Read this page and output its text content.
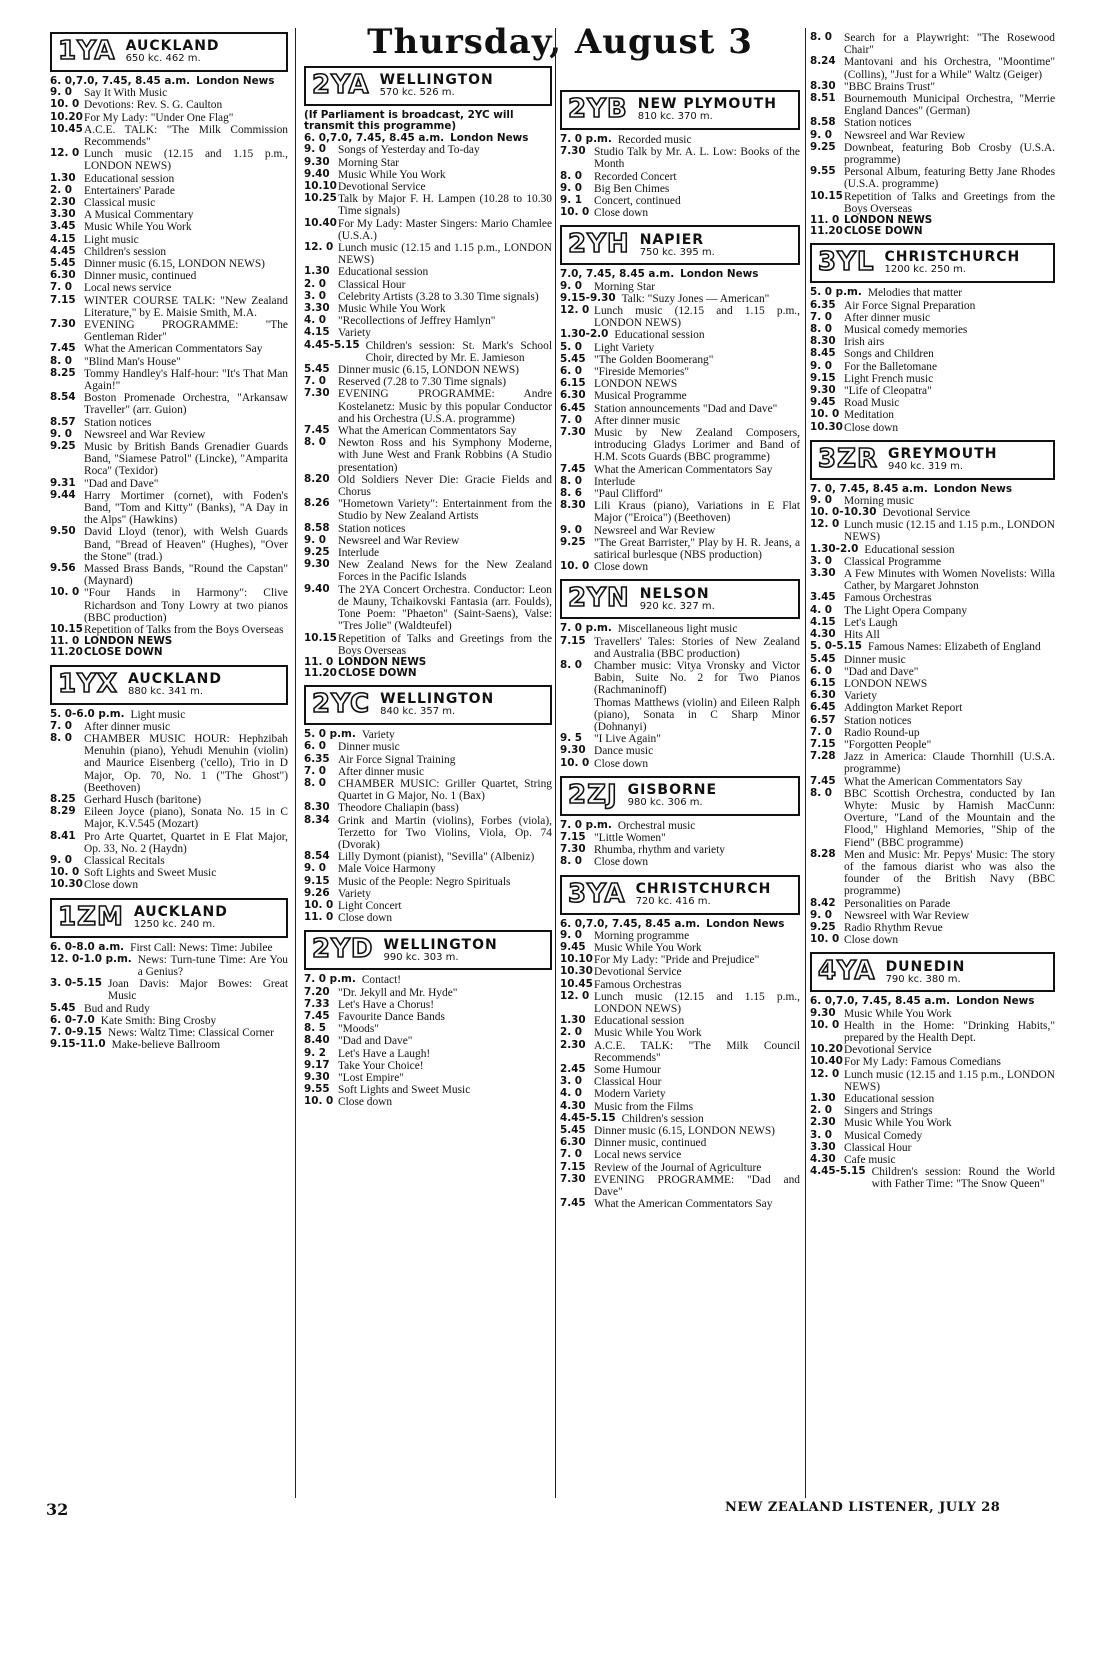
Thursday, August 3
1YA AUCKLAND
650 kc. 462 m.
6. 0,7.0, 7.45, 8.45 a.m. London News
9. 0	Say It With Music
10. 0 Devotions: Rev. S. G. Caulton
10.20 For My Lady: "Under One Flag"
10.45 A.C.E. TALK: "The Milk Commission Recommends"
12. 0 Lunch music (12.15 and 1.15 p.m., LONDON NEWS)
1.30 Educational session
2. 0	Entertainers' Parade
2.30 Classical music
3.30 A Musical Commentary
3.45 Music While You Work
4.15 Light music
4.45 Children's session
5.45 Dinner music (6.15, LONDON NEWS)
6.30 Dinner music, continued
7. 0	Local news service
7.15 WINTER COURSE TALK: "New Zealand Literature," by E. Maisie Smith, M.A.
7.30 EVENING PROGRAMME: "The Gentleman Rider"
7.45 What the American Commentators Say
8. 0	"Blind Man's House"
8.25 Tommy Handley's Half-hour: "It's That Man Again!"
8.54 Boston Promenade Orchestra, "Arkansaw Traveller" (arr. Guion)
8.57 Station notices
9. 0	Newsreel and War Review
9.25 Music by British Bands Grenadier Guards Band, "Siamese Patrol" (Lincke), "Amparita Roca" (Texidor)
9.31 "Dad and Dave"
9.44 Harry Mortimer (cornet), with Foden's Band, "Tom and Kitty" (Banks), "A Day in the Alps" (Hawkins)
9.50 David Lloyd (tenor), with Welsh Guards Band, "Bread of Heaven" (Hughes), "Over the Stone" (trad.)
9.56 Massed Brass Bands, "Round the Capstan" (Maynard)
10. 0 "Four Hands in Harmony": Clive Richardson and Tony Lowry at two pianos (BBC production)
10.15 Repetition of Talks from the Boys Overseas
11. 0 LONDON NEWS
11.20 CLOSE DOWN
1YX AUCKLAND
880 kc. 341 m.
5. 0-6.0 p.m. Light music
7. 0	After dinner music
8. 0	CHAMBER MUSIC HOUR: Hephzibah Menuhin (piano), Yehudi Menuhin (violin) and Maurice Eisenberg ('cello), Trio in D Major, Op. 70, No. 1 ("The Ghost") (Beethoven)
8.25 Gerhard Husch (baritone)
8.29 Eileen Joyce (piano), Sonata No. 15 in C Major, K.V.545 (Mozart)
8.41 Pro Arte Quartet, Quartet in E Flat Major, Op. 33, No. 2 (Haydn)
9. 0	Classical Recitals
10. 0 Soft Lights and Sweet Music
10.30 Close down
1ZM AUCKLAND
1250 kc. 240 m.
6. 0-8.0 a.m. First Call: News: Time: Jubilee
12. 0-1.0 p.m. News: Turn-tune Time: Are You a Genius?
3. 0-5.15 Joan Davis: Major Bowes: Great Music
5.45 Bud and Rudy
6. 0-7.0 Kate Smith: Bing Crosby
7. 0-9.15 News: Waltz Time: Classical Corner
9.15-11.0 Make-believe Ballroom
2YA WELLINGTON
570 kc. 526 m.
(If Parliament is broadcast, 2YC will transmit this programme)
6. 0,7.0, 7.45, 8.45 a.m. London News
9. 0	Songs of Yesterday and To-day
9.30 Morning Star
9.40 Music While You Work
10.10 Devotional Service
10.25 Talk by Major F. H. Lampen (10.28 to 10.30 Time signals)
10.40 For My Lady: Master Singers: Mario Chamlee (U.S.A.)
12. 0 Lunch music (12.15 and 1.15 p.m., LONDON NEWS)
1.30 Educational session
2. 0	Classical Hour
3. 0	Celebrity Artists (3.28 to 3.30 Time signals)
3.30 Music While You Work
4. 0	"Recollections of Jeffrey Hamlyn"
4.15 Variety
4.45-5.15 Children's session: St. Mark's School Choir, directed by Mr. E. Jamieson
5.45 Dinner music (6.15, LONDON NEWS)
7. 0	Reserved (7.28 to 7.30 Time signals)
7.30 EVENING PROGRAMME: Andre Kostelanetz: Music by this popular Conductor and his Orchestra (U.S.A. programme)
7.45 What the American Commentators Say
8. 0	Newton Ross and his Symphony Moderne, with June West and Frank Robbins (A Studio presentation)
8.20 Old Soldiers Never Die: Gracie Fields and Chorus
8.26 "Hometown Variety": Entertainment from the Studio by New Zealand Artists
8.58 Station notices
9. 0	Newsreel and War Review
9.25 Interlude
9.30 New Zealand News for the New Zealand Forces in the Pacific Islands
9.40 The 2YA Concert Orchestra. Conductor: Leon de Mauny, Tchaikovski Fantasia (arr. Foulds), Tone Poem: "Phaeton" (Saint-Saens), Valse: "Tres Jolie" (Waldteufel)
10.15 Repetition of Talks and Greetings from the Boys Overseas
11. 0 LONDON NEWS
11.20 CLOSE DOWN
2YC WELLINGTON
840 kc. 357 m.
5. 0 p.m. Variety
6. 0	Dinner music
6.35 Air Force Signal Training
7. 0	After dinner music
8. 0	CHAMBER MUSIC: Griller Quartet, String Quartet in G Major, No. 1 (Bax)
8.30 Theodore Chaliapin (bass)
8.34 Grink and Martin (violins), Forbes (viola), Terzetto for Two Violins, Viola, Op. 74 (Dvorak)
8.54 Lilly Dymont (pianist), "Sevilla" (Albeniz)
9. 0	Male Voice Harmony
9.15 Music of the People: Negro Spirituals
9.26 Variety
10. 0 Light Concert
11. 0 Close down
2YD WELLINGTON
990 kc. 303 m.
7. 0 p.m. Contact!
7.20 "Dr. Jekyll and Mr. Hyde"
7.33 Let's Have a Chorus!
7.45 Favourite Dance Bands
8. 5	"Moods"
8.40 "Dad and Dave"
9. 2	Let's Have a Laugh!
9.17 Take Your Choice!
9.30 "Lost Empire"
9.55 Soft Lights and Sweet Music
10. 0 Close down
2YB NEW PLYMOUTH
810 kc. 370 m.
7. 0 p.m. Recorded music
7.30 Studio Talk by Mr. A. L. Low: Books of the Month
8. 0	Recorded Concert
9. 0	Big Ben Chimes
9. 1	Concert, continued
10. 0 Close down
2YH NAPIER
750 kc. 395 m.
7.0, 7.45, 8.45 a.m. London News
9. 0	Morning Star
9.15-9.30 Talk: "Suzy Jones — American"
12. 0 Lunch music (12.15 and 1.15 p.m., LONDON NEWS)
1.30-2.0 Educational session
5. 0	Light Variety
5.45 "The Golden Boomerang"
6. 0	"Fireside Memories"
6.15 LONDON NEWS
6.30 Musical Programme
6.45 Station announcements "Dad and Dave"
7. 0	After dinner music
7.30 Music by New Zealand Composers, introducing Gladys Lorimer and Band of H.M. Scots Guards (BBC programme)
7.45 What the American Commentators Say
8. 0	Interlude
8. 6	"Paul Clifford"
8.30 Lili Kraus (piano), Variations in E Flat Major ("Eroica") (Beethoven)
9. 0	Newsreel and War Review
9.25 "The Great Barrister," Play by H. R. Jeans, a satirical burlesque (NBS production)
10. 0 Close down
2YN NELSON
920 kc. 327 m.
7. 0 p.m. Miscellaneous light music
7.15 Travellers' Tales: Stories of New Zealand and Australia (BBC production)
8. 0	Chamber music: Vitya Vronsky and Victor Babin, Suite No. 2 for Two Pianos (Rachmaninoff)
Thomas Matthews (violin) and Eileen Ralph (piano), Sonata in C Sharp Minor (Dohnanyi)
9. 5	"I Live Again"
9.30 Dance music
10. 0 Close down
2ZJ GISBORNE
980 kc. 306 m.
7. 0 p.m. Orchestral music
7.15 "Little Women"
7.30 Rhumba, rhythm and variety
8. 0	Close down
3YA CHRISTCHURCH
720 kc. 416 m.
6. 0,7.0, 7.45, 8.45 a.m. London News
9. 0	Morning programme
9.45 Music While You Work
10.10 For My Lady: "Pride and Prejudice"
10.30 Devotional Service
10.45 Famous Orchestras
12. 0 Lunch music (12.15 and 1.15 p.m., LONDON NEWS)
1.30 Educational session
2. 0	Music While You Work
2.30 A.C.E. TALK: "The Milk Council Recommends"
2.45 Some Humour
3. 0	Classical Hour
4. 0	Modern Variety
4.30 Music from the Films
4.45-5.15 Children's session
5.45 Dinner music (6.15, LONDON NEWS)
6.30 Dinner music, continued
7. 0	Local news service
7.15 Review of the Journal of Agriculture
7.30 EVENING PROGRAMME: "Dad and Dave"
7.45 What the American Commentators Say
8. 0	Search for a Playwright: "The Rosewood Chair"
8.24 Mantovani and his Orchestra, "Moontime" (Collins), "Just for a While" Waltz (Geiger)
8.30 "BBC Brains Trust"
8.51 Bournemouth Municipal Orchestra, "Merrie England Dances" (German)
8.58 Station notices
9. 0	Newsreel and War Review
9.25 Downbeat, featuring Bob Crosby (U.S.A. programme)
9.55 Personal Album, featuring Betty Jane Rhodes (U.S.A. programme)
10.15 Repetition of Talks and Greetings from the Boys Overseas
11. 0 LONDON NEWS
11.20 CLOSE DOWN
3YL CHRISTCHURCH
1200 kc. 250 m.
5. 0 p.m. Melodies that matter
6.35 Air Force Signal Preparation
7. 0	After dinner music
8. 0	Musical comedy memories
8.30 Irish airs
8.45 Songs and Children
9. 0	For the Balletomane
9.15 Light French music
9.30 "Life of Cleopatra"
9.45 Road Music
10. 0 Meditation
10.30 Close down
3ZR GREYMOUTH
940 kc. 319 m.
7. 0, 7.45, 8.45 a.m. London News
9. 0	Morning music
10. 0-10.30 Devotional Service
12. 0 Lunch music (12.15 and 1.15 p.m., LONDON NEWS)
1.30-2.0 Educational session
3. 0	Classical Programme
3.30 A Few Minutes with Women Novelists: Willa Cather, by Margaret Johnston
3.45 Famous Orchestras
4. 0	The Light Opera Company
4.15 Let's Laugh
4.30 Hits All
5. 0-5.15 Famous Names: Elizabeth of England
5.45 Dinner music
6. 0	"Dad and Dave"
6.15 LONDON NEWS
6.30 Variety
6.45 Addington Market Report
6.57 Station notices
7. 0	Radio Round-up
7.15 "Forgotten People"
7.28 Jazz in America: Claude Thornhill (U.S.A. programme)
7.45 What the American Commentators Say
8. 0	BBC Scottish Orchestra, conducted by Ian Whyte: Music by Hamish MacCunn: Overture, "Land of the Mountain and the Flood," Highland Memories, "Ship of the Fiend" (BBC programme)
8.28 Men and Music: Mr. Pepys' Music: The story of the famous diarist who was also the founder of the British Navy (BBC programme)
8.42 Personalities on Parade
9. 0	Newsreel with War Review
9.25 Radio Rhythm Revue
10. 0 Close down
4YA DUNEDIN
790 kc. 380 m.
6. 0,7.0, 7.45, 8.45 a.m. London News
9.30 Music While You Work
10. 0 Health in the Home: "Drinking Habits," prepared by the Health Dept.
10.20 Devotional Service
10.40 For My Lady: Famous Comedians
12. 0 Lunch music (12.15 and 1.15 p.m., LONDON NEWS)
1.30 Educational session
2. 0	Singers and Strings
2.30 Music While You Work
3. 0	Musical Comedy
3.30 Classical Hour
4.30 Cafe music
4.45-5.15 Children's session: Round the World with Father Time: "The Snow Queen"
32	NEW ZEALAND LISTENER, JULY 28
